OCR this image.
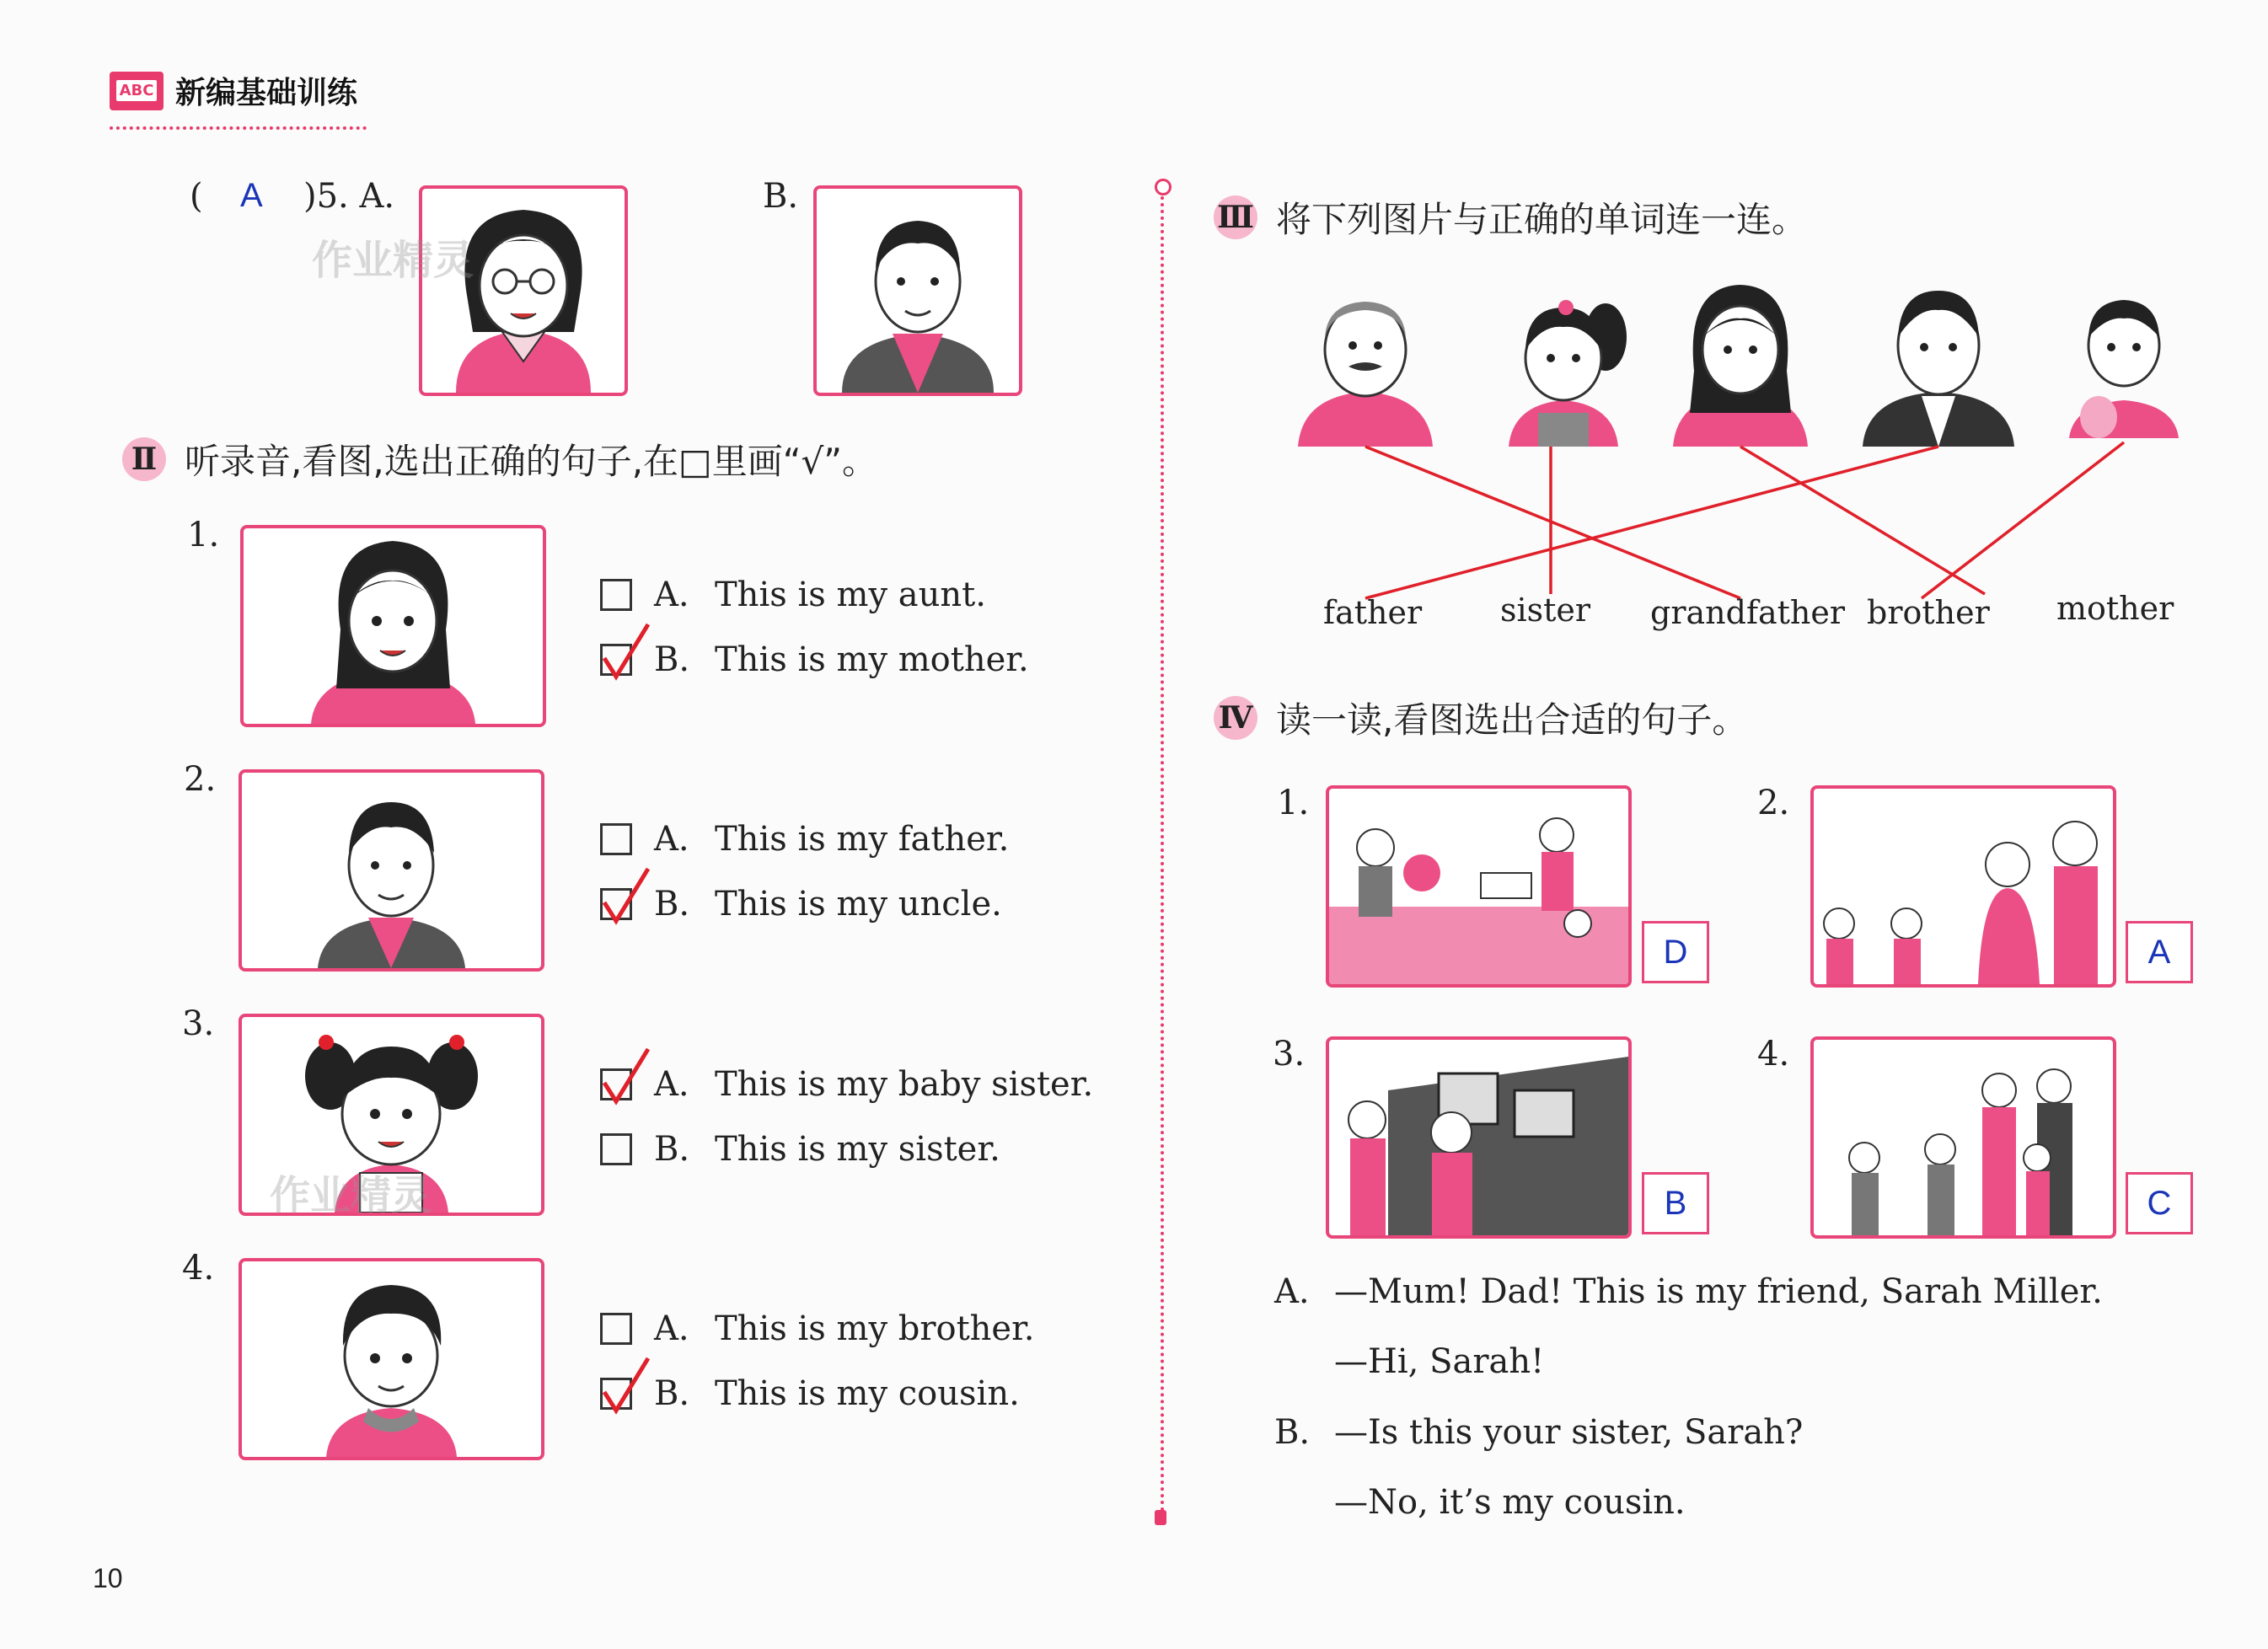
ABC 新编基础训练
( A )5. A.	B.
作业精灵
Ⅱ 听录音,看图,选出正确的句子,在□里画“√”。
1.
A. This is my aunt.
B. This is my mother.
2.
A. This is my father.
B. This is my uncle.
3.
作业精灵
A. This is my baby sister.
B. This is my sister.
4.
A. This is my brother.
B. This is my cousin.
Ⅲ 将下列图片与正确的单词连一连。
father sister grandfather brother mother
Ⅳ 读一读,看图选出合适的句子。
1.
D
2.
A
3.
B
4.
C
A. —Mum! Dad! This is my friend, Sarah Miller.
—Hi, Sarah!
B. —Is this your sister, Sarah?
—No, it’s my cousin.
10
